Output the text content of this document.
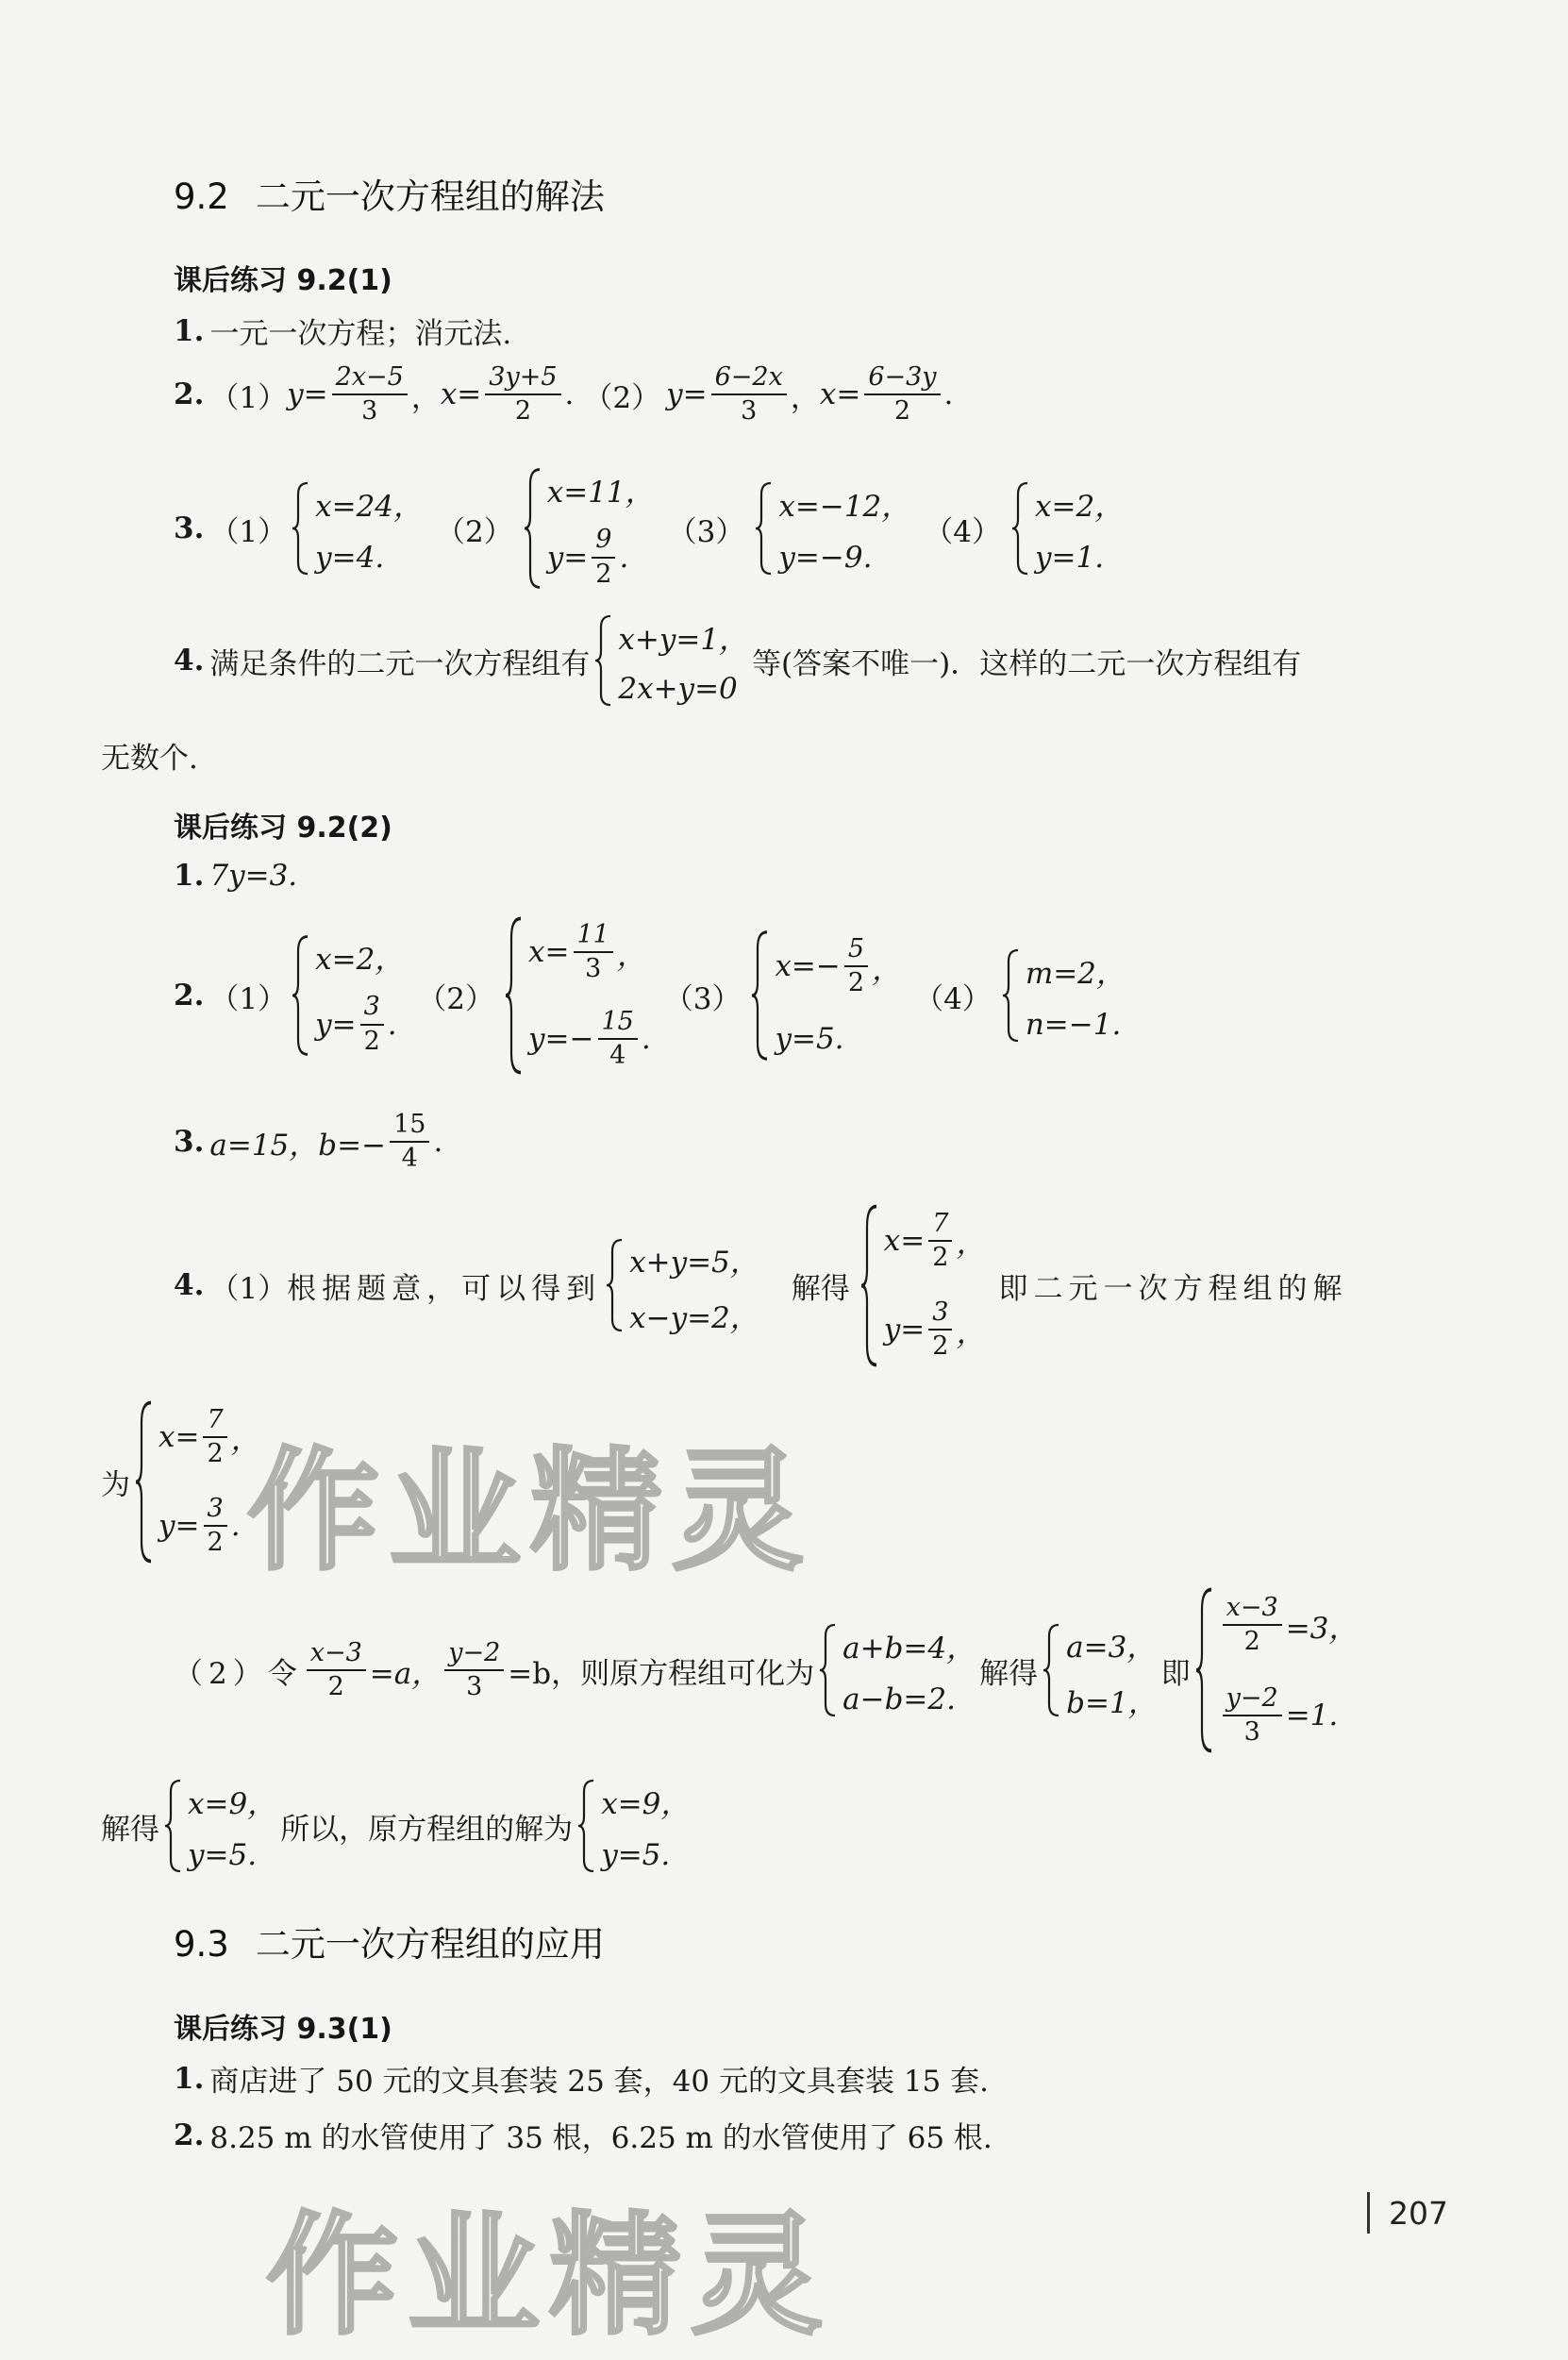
9.2 二元一次方程组的解法
课后练习 9.2(1)
1. 一元一次方程；消元法.
2. （1） $y= \frac{2x-5}{3}$ ， $x= \frac{3y+5}{2}$ . （2） $y= \frac{6-2x}{3}$ ， $x= \frac{6-3y}{2}$ .
3. （1）
x=24，
y=4.
（2）
x=11，
$y= \frac{9}{2}$ .
（3）
x=−12，
y=−9.
（4）
x=2，
y=1.
4. 满足条件的二元一次方程组有
x+y=1，
2x+y=0
等(答案不唯一)．这样的二元一次方程组有
无数个.
课后练习 9.2(2)
1. 7y=3.
2. （1）
x=2，
$y= \frac{3}{2}$ .
（2）
$x= \frac{11}{3}$ ，
$y=- \frac{15}{4}$ .
（3）
$x=- \frac{5}{2}$ ，
y=5.
（4）
m=2，
n=−1.
3. a=15，$b=- \frac{15}{4}$ .
4. （1） 根据题意，可以得到
x+y=5，
x−y=2，
解得
$x= \frac{7}{2}$ ，
$y= \frac{3}{2}$ ，
即二元一次方程组的解
为
$x= \frac{7}{2}$ ，
$y= \frac{3}{2}$ . 作业精灵
（2）令 $\frac{x-3}{2} =a$， $\frac{y-2}{3} =b$，则原方程组可化为
a+b=4，
a−b=2.
解得
a=3，
b=1，
即
$\frac{x-3}{2} =3$，
$\frac{y-2}{3} =1$.
解得
x=9，
y=5.
所以，原方程组的解为
x=9，
y=5.
9.3 二元一次方程组的应用
课后练习 9.3(1)
1. 商店进了 50 元的文具套装 25 套，40 元的文具套装 15 套.
2. 8.25 m 的水管使用了 35 根，6.25 m 的水管使用了 65 根.
作业精灵	207
